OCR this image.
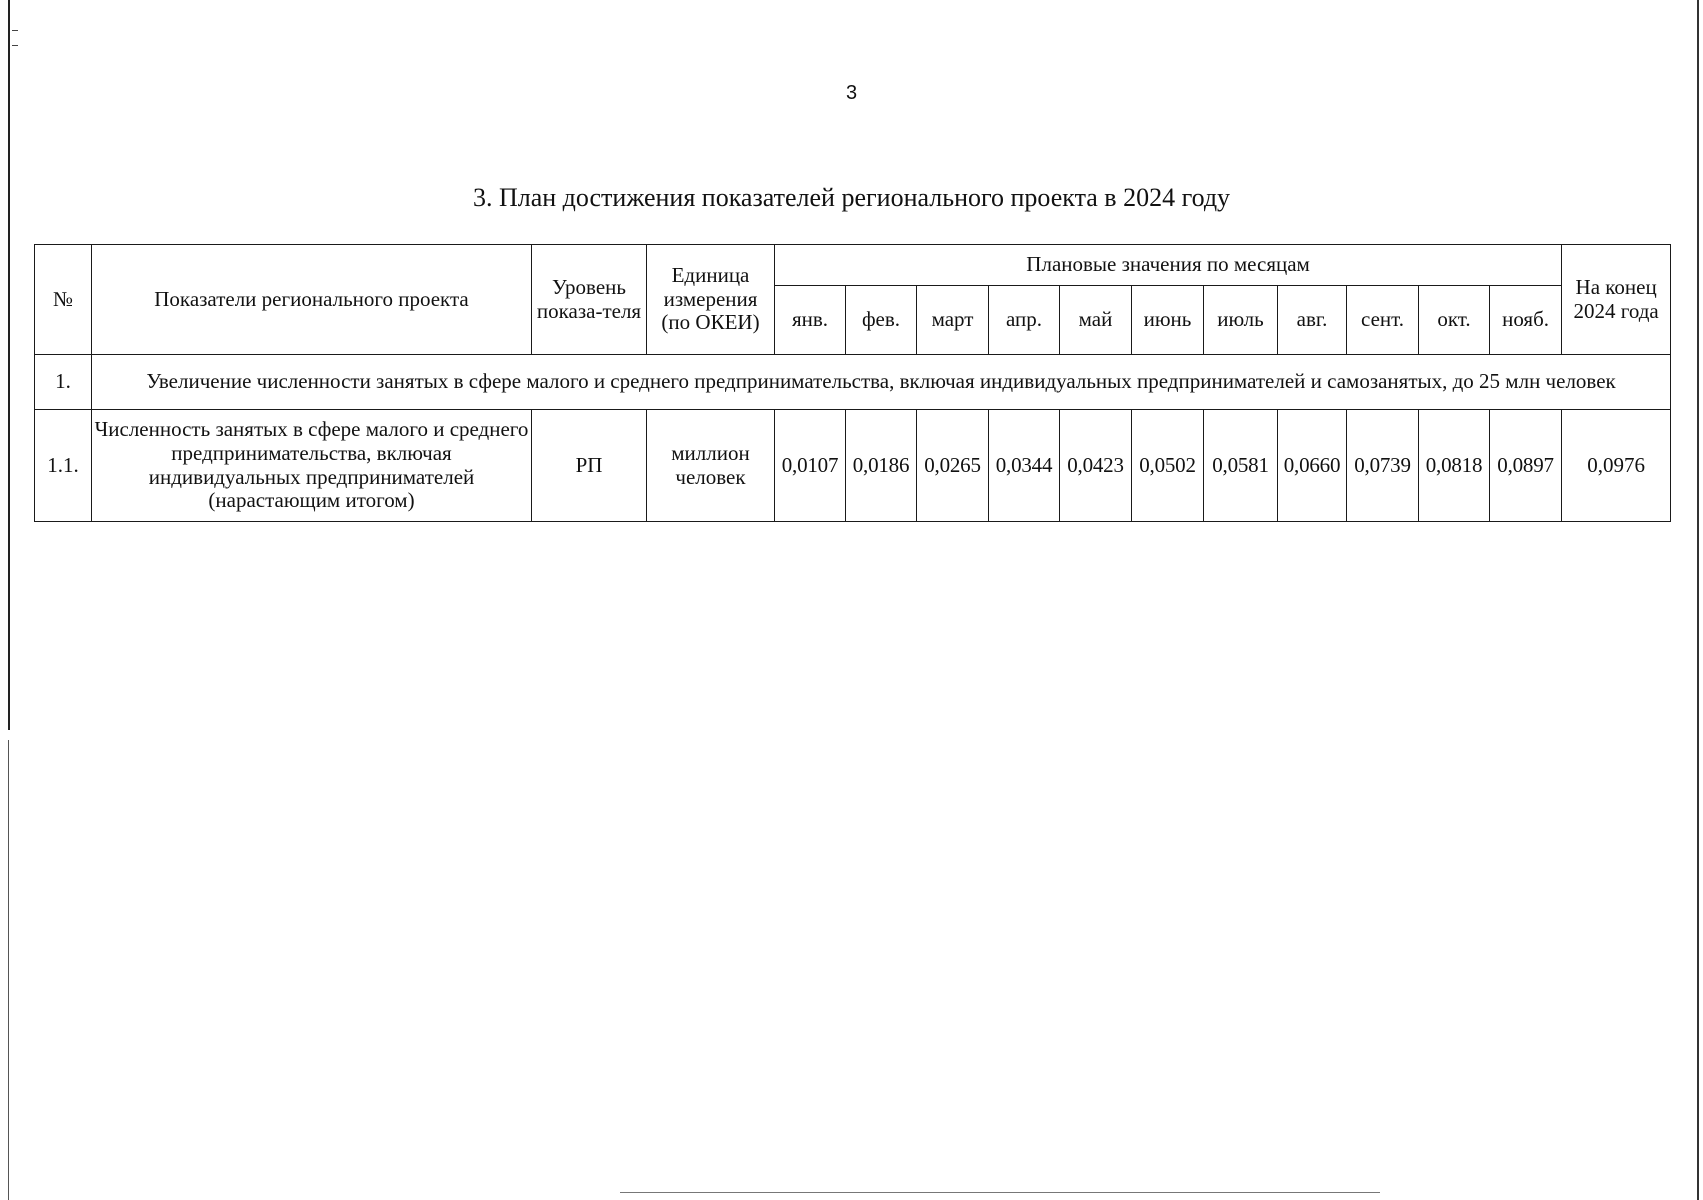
3
3. План достижения показателей регионального проекта в 2024 году
№	Показатели регионального проекта	Уровень показа-теля	Единица измерения (по ОКЕИ)	Плановые значения по месяцам											На конец 2024 года
				янв.	фев.	март	апр.	май	июнь	июль	авг.	сент.	окт.	нояб.	
1.	Увеличение численности занятых в сфере малого и среднего предпринимательства, включая индивидуальных предпринимателей и самозанятых, до 25 млн человек														
1.1.	Численность занятых в сфере малого и среднего предпринимательства, включая индивидуальных предпринимателей (нарастающим итогом)	РП	миллион человек	0,0107	0,0186	0,0265	0,0344	0,0423	0,0502	0,0581	0,0660	0,0739	0,0818	0,0897	0,0976
